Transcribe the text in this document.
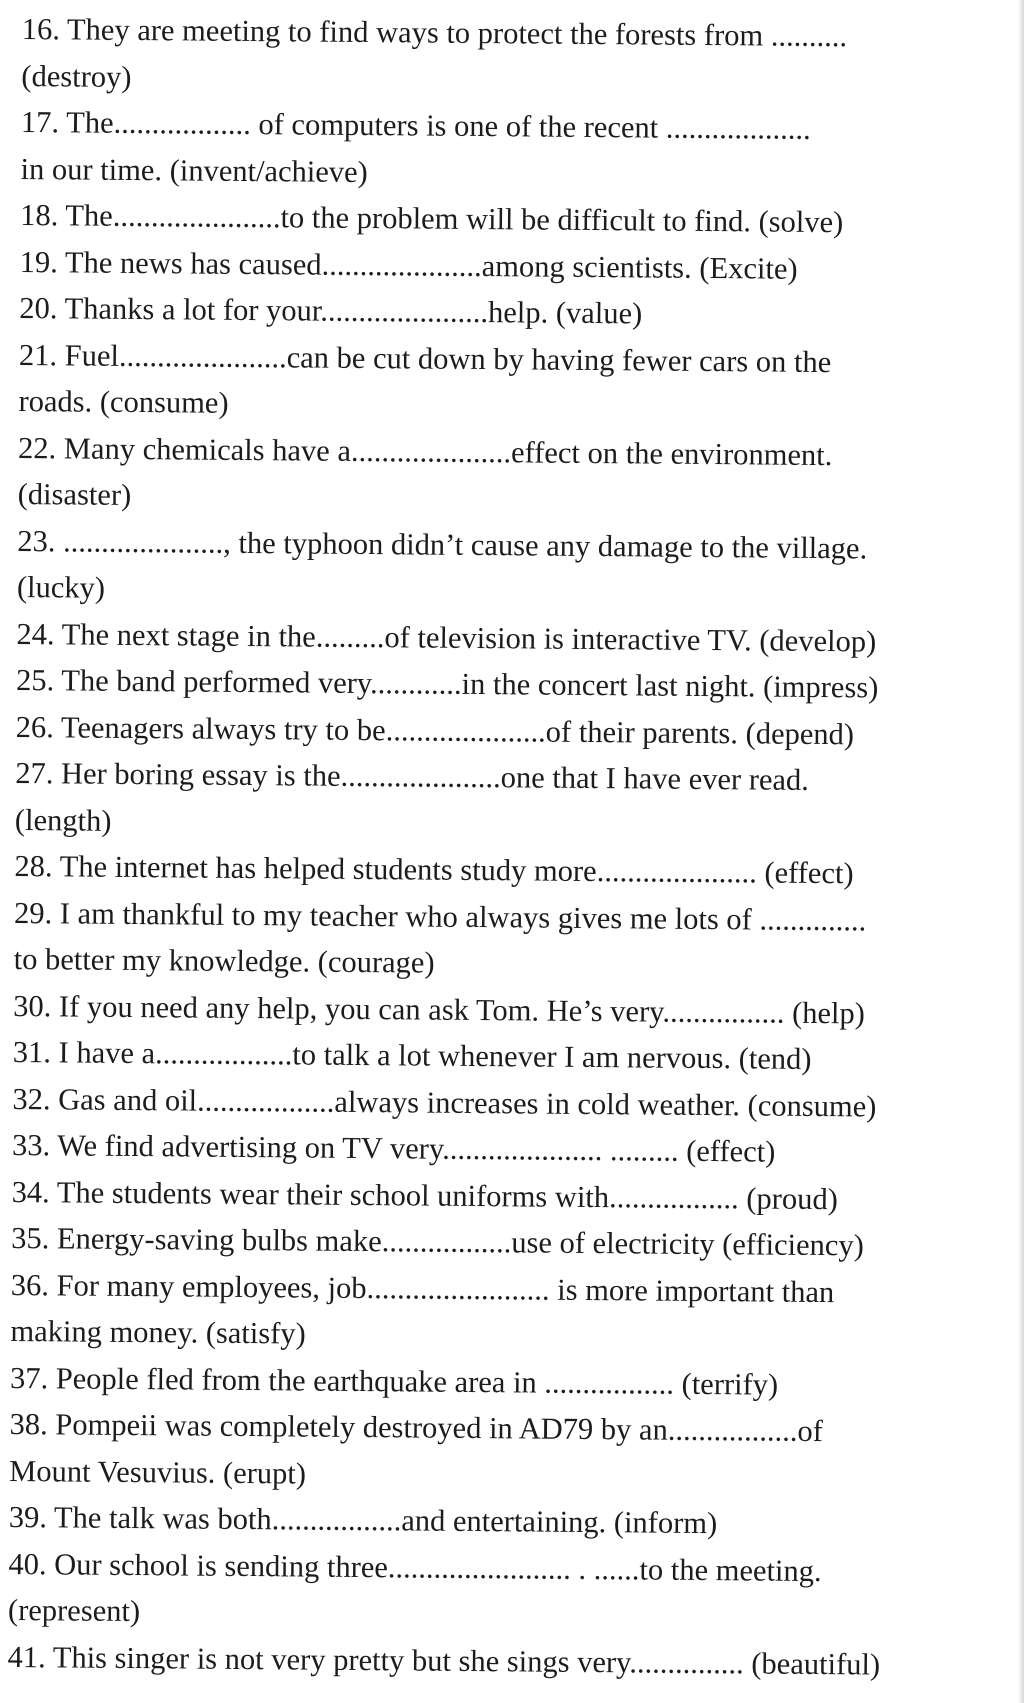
16. They are meeting to find ways to protect the forests from ..........
(destroy)
17. The.................. of computers is one of the recent ...................
in our time. (invent/achieve)
18. The......................to the problem will be difficult to find. (solve)
19. The news has caused.....................among scientists. (Excite)
20. Thanks a lot for your......................help. (value)
21. Fuel......................can be cut down by having fewer cars on the
roads. (consume)
22. Many chemicals have a.....................effect on the environment.
(disaster)
23. ....................., the typhoon didn’t cause any damage to the village.
(lucky)
24. The next stage in the.........of television is interactive TV. (develop)
25. The band performed very............in the concert last night. (impress)
26. Teenagers always try to be.....................of their parents. (depend)
27. Her boring essay is the.....................one that I have ever read.
(length)
28. The internet has helped students study more..................... (effect)
29. I am thankful to my teacher who always gives me lots of ..............
to better my knowledge. (courage)
30. If you need any help, you can ask Tom. He’s very................ (help)
31. I have a..................to talk a lot whenever I am nervous. (tend)
32. Gas and oil..................always increases in cold weather. (consume)
33. We find advertising on TV very..................... ......... (effect)
34. The students wear their school uniforms with................. (proud)
35. Energy-saving bulbs make.................use of electricity (efficiency)
36. For many employees, job........................ is more important than
making money. (satisfy)
37. People fled from the earthquake area in ................. (terrify)
38. Pompeii was completely destroyed in AD79 by an.................of
Mount Vesuvius. (erupt)
39. The talk was both.................and entertaining. (inform)
40. Our school is sending three........................ . ......to the meeting.
(represent)
41. This singer is not very pretty but she sings very............... (beautiful)
